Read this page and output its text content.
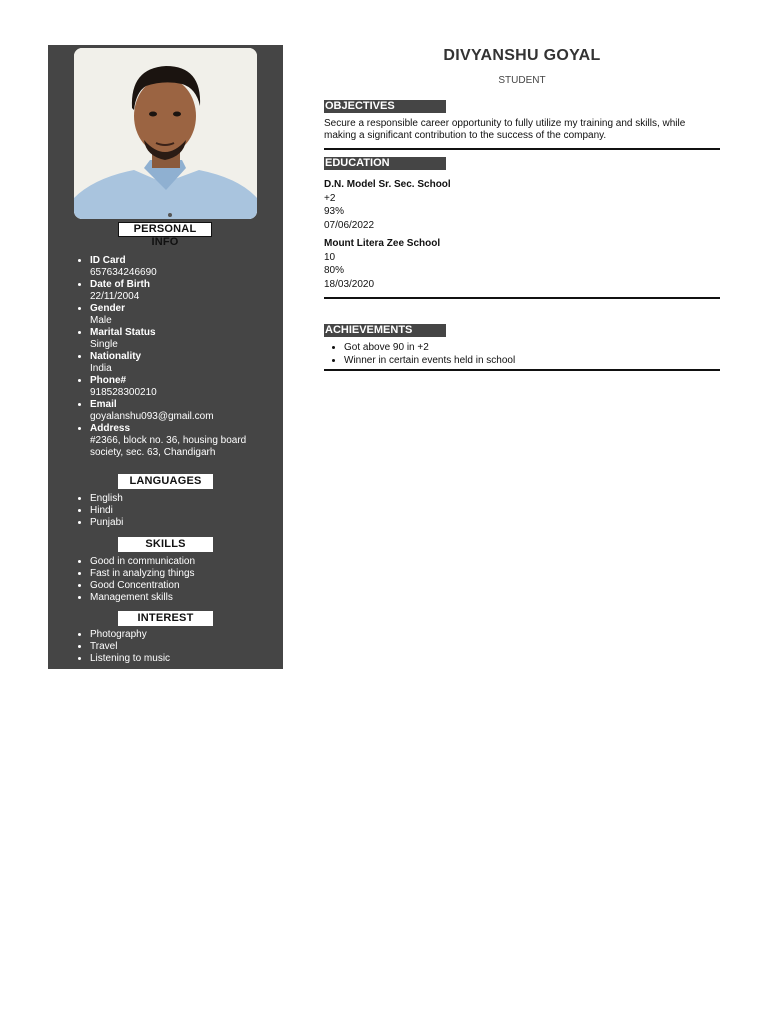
PERSONAL INFO
• ID Card
657634246690
• Date of Birth
22/11/2004
• Gender
Male
• Marital Status
Single
• Nationality
India
• Phone#
918528300210
• Email
goyalanshu093@gmail.com
• Address
#2366, block no. 36, housing board society, sec. 63, Chandigarh
LANGUAGES
• English
• Hindi
• Punjabi
SKILLS
• Good in communication
• Fast in analyzing things
• Good Concentration
• Management skills
INTEREST
• Photography
• Travel
• Listening to music
DIVYANSHU GOYAL
STUDENT
OBJECTIVES

Secure a responsible career opportunity to fully utilize my training and skills, while making a significant contribution to the success of the company.

EDUCATION
D.N. Model Sr. Sec. School
+2
93%
07/06/2022
Mount Litera Zee School
10
80%
18/03/2020
ACHIEVEMENTS
• Got above 90 in +2
• Winner in certain events held in school
